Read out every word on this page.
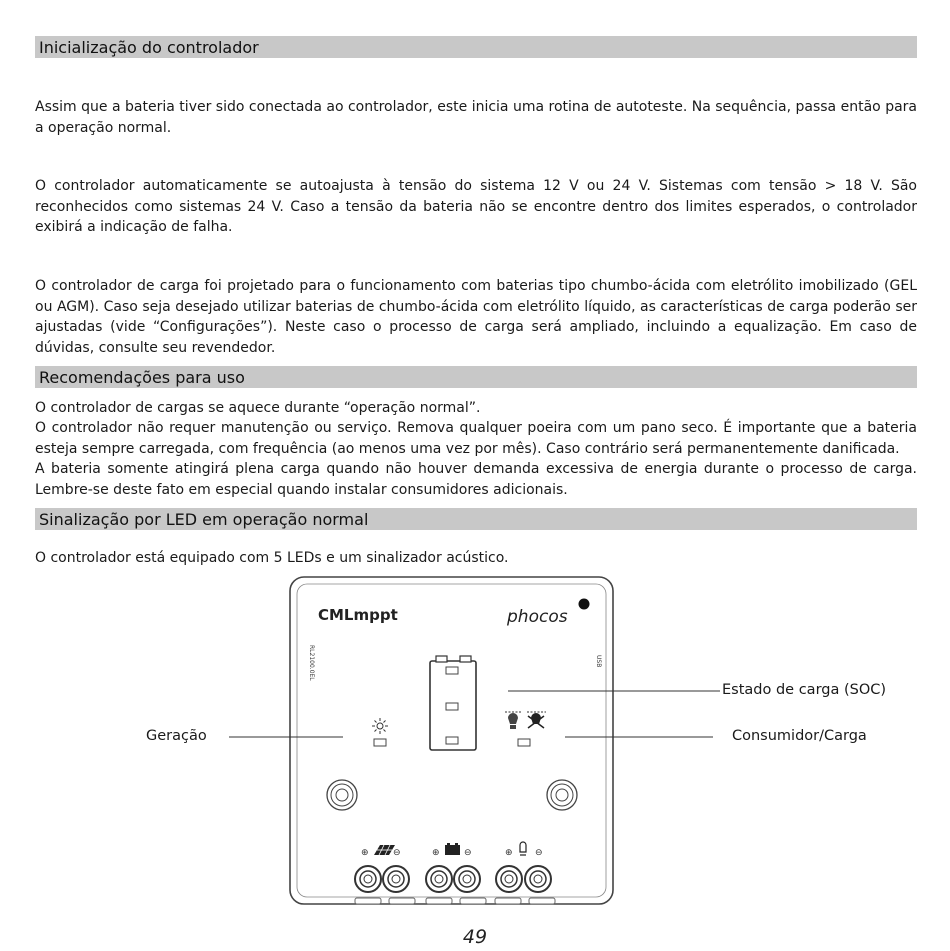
Inicialização do controlador

Assim que a bateria tiver sido conectada ao controlador, este inicia uma rotina de autoteste. Na sequência, passa então para a operação normal.

O controlador automaticamente se autoajusta à tensão do sistema 12 V ou 24 V. Sistemas com tensão > 18 V. São reconhecidos como sistemas 24 V. Caso a tensão da bateria não se encontre dentro dos limites esperados, o controlador exibirá a indicação de falha.

O controlador de carga foi projetado para o funcionamento com baterias tipo chumbo-ácida com eletrólito imobilizado (GEL ou AGM). Caso seja desejado utilizar baterias de chumbo-ácida com eletrólito líquido, as características de carga poderão ser ajustadas (vide “Configurações”). Neste caso o processo de carga será ampliado, incluindo a equalização. Em caso de dúvidas, consulte seu revendedor.

Recomendações para uso

O controlador de cargas se aquece durante “operação normal”.

O controlador não requer manutenção ou serviço. Remova qualquer poeira com um pano seco. É importante que a bateria esteja sempre carregada, com frequência (ao menos uma vez por mês). Caso contrário será permanentemente danificada.

A bateria somente atingirá plena carga quando não houver demanda excessiva de energia durante o processo de carga. Lembre-se deste fato em especial quando instalar consumidores adicionais.

Sinalização por LED em operação normal

O controlador está equipado com 5 LEDs e um sinalizador acústico.

CMLmppt	phocos
RL2100.0EL	USB
⊕	⊖	⊕	⊖	⊕ ⊖
Estado de carga (SOC)
Geração	Consumidor/Carga
49
